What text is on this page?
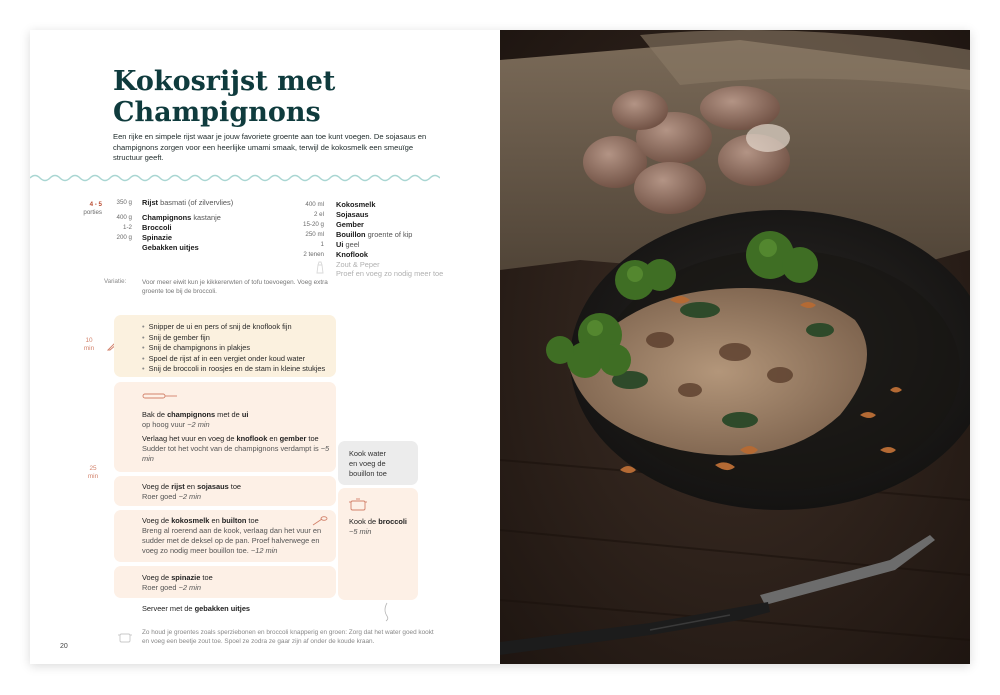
Kokosrijst met
Champignons

Een rijke en simpele rijst waar je jouw favoriete groente aan toe kunt voegen. De sojasaus en champignons zorgen voor een heerlijke umami smaak, terwijl de kokosmelk een smeuïge structuur geeft.

4 - 5
porties
350 g Rijst basmati (of zilvervlies)
400 g Champignons kastanje
1-2 Broccoli
200 g Spinazie
Gebakken uitjes
400 ml Kokosmelk
2 el Sojasaus
15-20 g Gember
250 ml Bouillon groente of kip
1 Ui geel
2 tenen Knoflook
Zout & Peper
Proef en voeg zo nodig meer toe
Variatie: Voor meer eiwit kun je kikkererwten of tofu toevoegen. Voeg extra groente toe bij de broccoli.
10
min
• Snipper de ui en pers of snij de knoflook fijn
• Snij de gember fijn
• Snij de champignons in plakjes
• Spoel de rijst af in een vergiet onder koud water
• Snij de broccoli in roosjes en de stam in kleine stukjes
25
min
Bak de champignons met de ui
op hoog vuur ~2 min
Verlaag het vuur en voeg de knoflook en gember toe
Sudder tot het vocht van de champignons verdampt is ~5 min
Voeg de rijst en sojasaus toe
Roer goed ~2 min
Voeg de kokosmelk en builton toe
Breng al roerend aan de kook, verlaag dan het vuur en sudder met de deksel op de pan. Proef halverwege en voeg zo nodig meer bouillon toe. ~12 min
Voeg de spinazie toe
Roer goed ~2 min
Serveer met de gebakken uitjes
Kook water
en voeg de
bouillon toe
Kook de broccoli
~5 min

Zo houd je groentes zoals sperziebonen en broccoli knapperig en groen: Zorg dat het water goed kookt en voeg een beetje zout toe. Spoel ze zodra ze gaar zijn af onder de koude kraan.

20
